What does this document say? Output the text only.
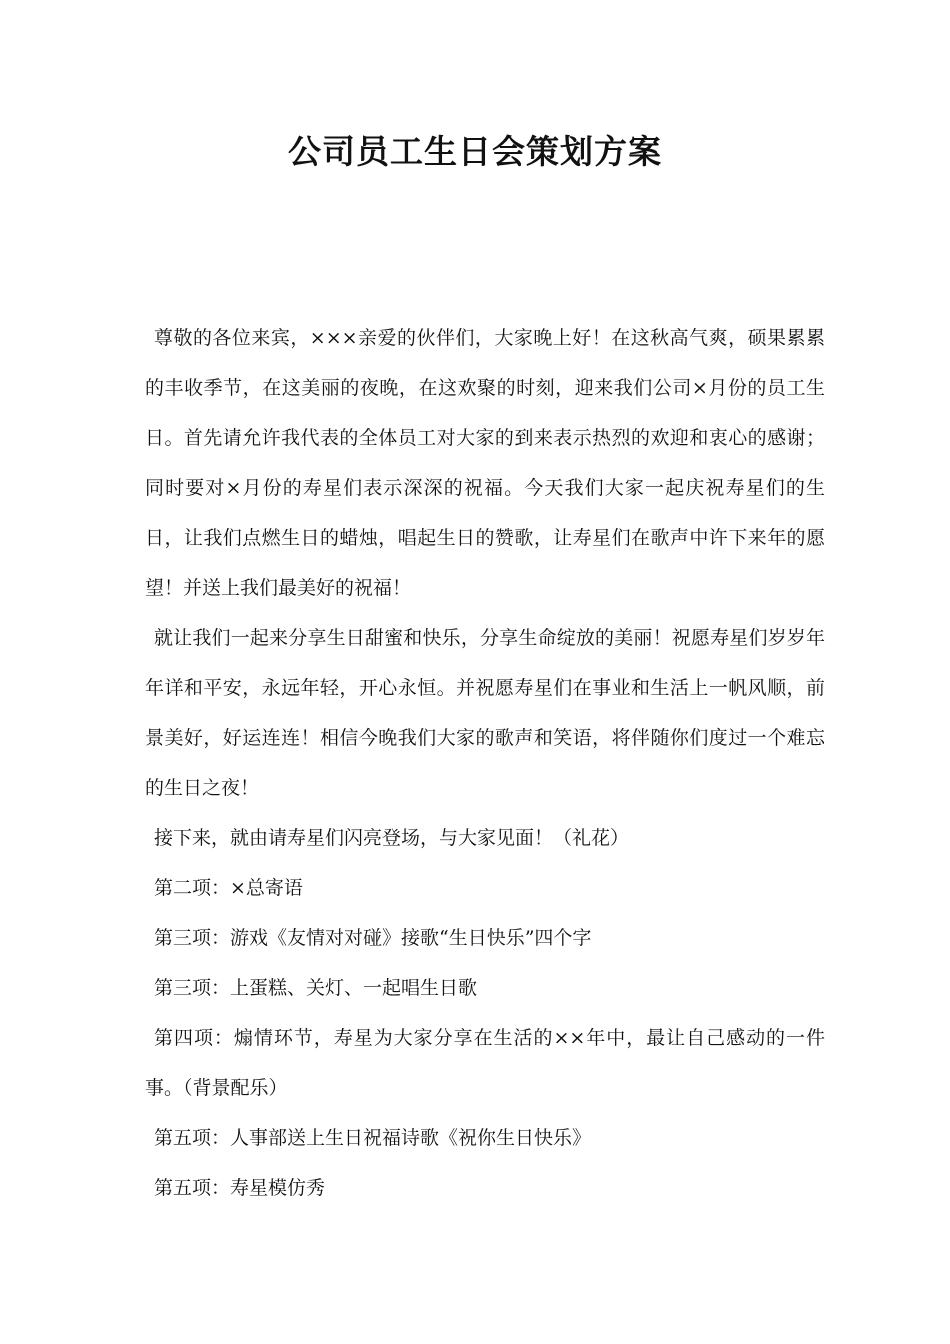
公司员工生日会策划方案

尊敬的各位来宾，×××亲爱的伙伴们，大家晚上好！在这秋高气爽，硕果累累的丰收季节，在这美丽的夜晚，在这欢聚的时刻，迎来我们公司×月份的员工生日。首先请允许我代表的全体员工对大家的到来表示热烈的欢迎和衷心的感谢；同时要对×月份的寿星们表示深深的祝福。今天我们大家一起庆祝寿星们的生日，让我们点燃生日的蜡烛，唱起生日的赞歌，让寿星们在歌声中许下来年的愿望！并送上我们最美好的祝福！

就让我们一起来分享生日甜蜜和快乐，分享生命绽放的美丽！祝愿寿星们岁岁年年详和平安，永远年轻，开心永恒。并祝愿寿星们在事业和生活上一帆风顺，前景美好，好运连连！相信今晚我们大家的歌声和笑语，将伴随你们度过一个难忘的生日之夜！

接下来，就由请寿星们闪亮登场，与大家见面！（礼花）

第二项：×总寄语

第三项：游戏《友情对对碰》接歌“生日快乐”四个字

第三项：上蛋糕、关灯、一起唱生日歌

第四项：煽情环节，寿星为大家分享在生活的××年中，最让自己感动的一件事。（背景配乐）

第五项：人事部送上生日祝福诗歌《祝你生日快乐》

第五项：寿星模仿秀
